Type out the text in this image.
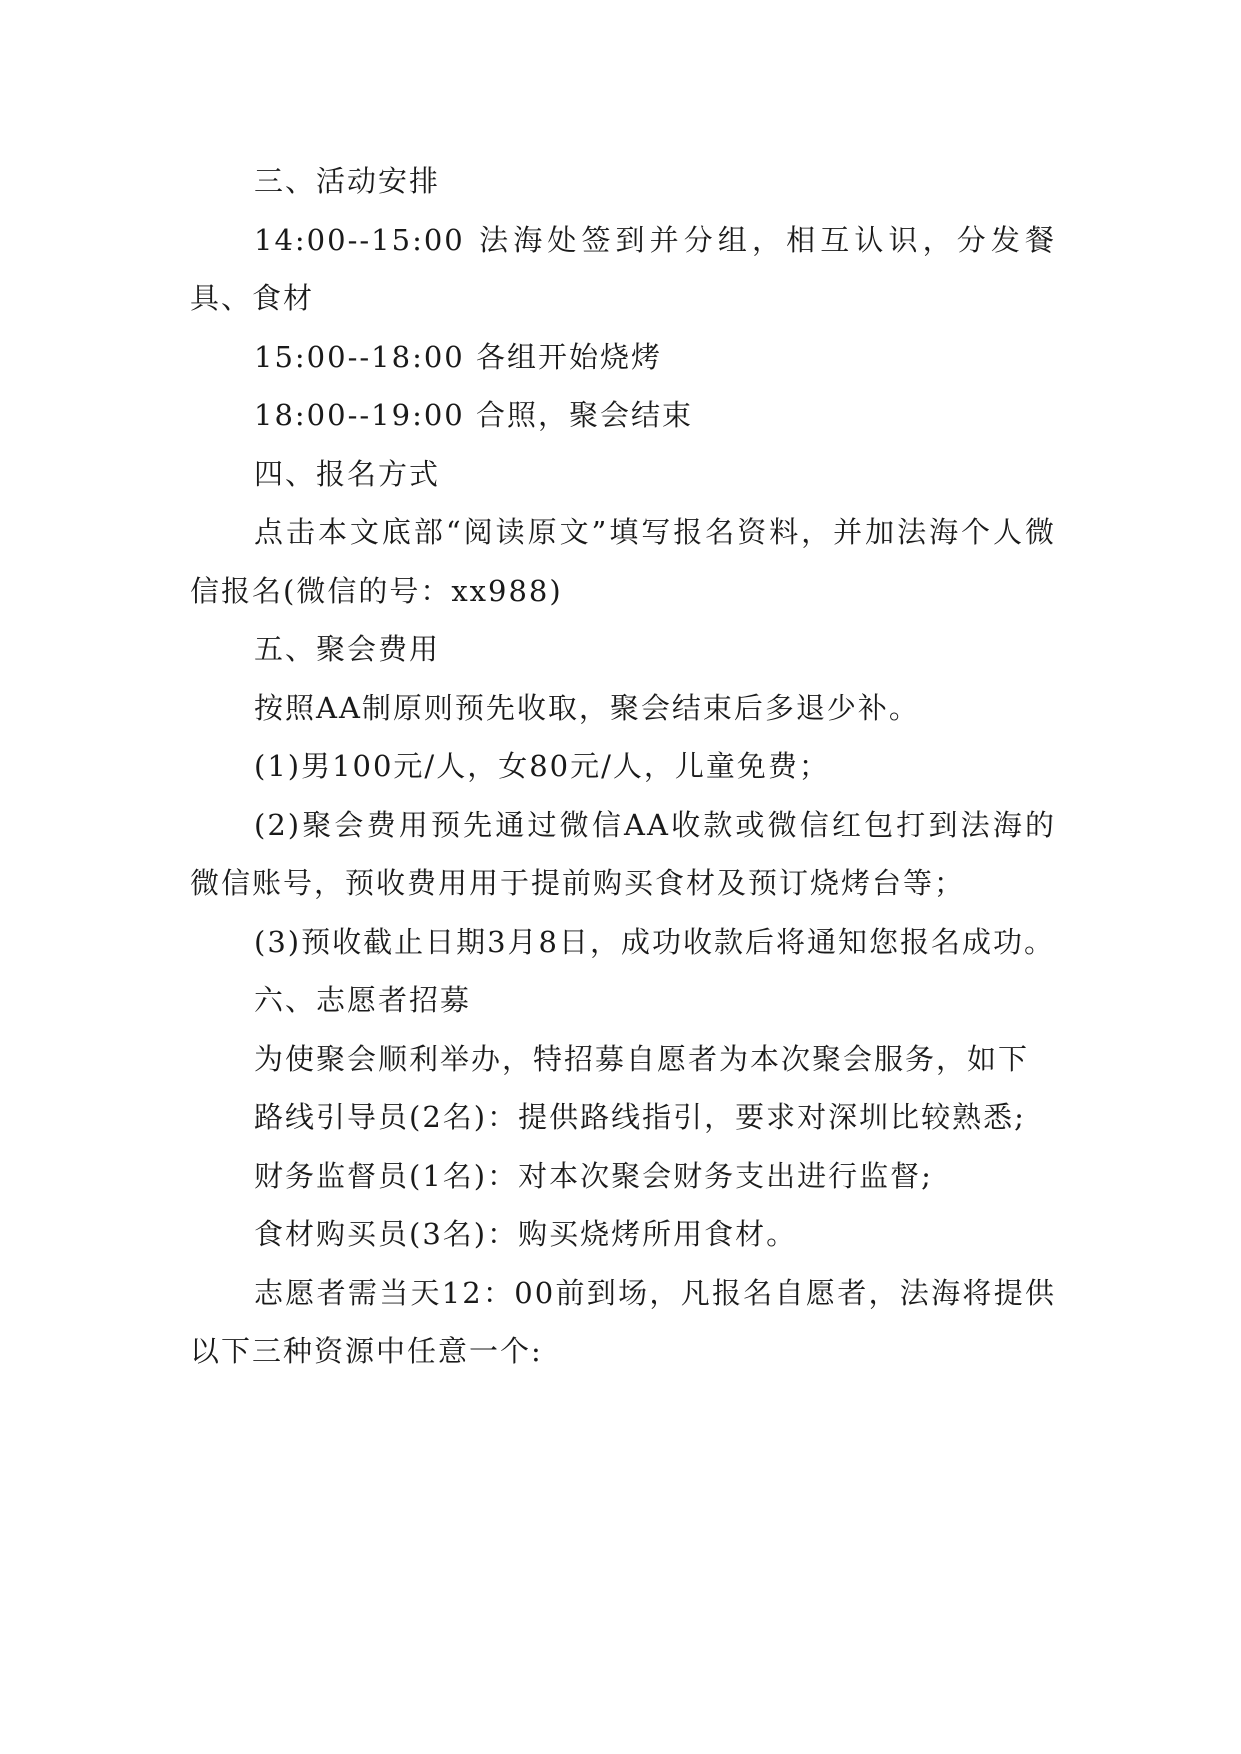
三、活动安排

14:00--15:00 法海处签到并分组，相互认识，分发餐具、食材

15:00--18:00 各组开始烧烤

18:00--19:00 合照，聚会结束

四、报名方式

点击本文底部“阅读原文”填写报名资料，并加法海个人微信报名(微信的号：xx988)

五、聚会费用

按照AA制原则预先收取，聚会结束后多退少补。

(1)男100元/人，女80元/人，儿童免费；

(2)聚会费用预先通过微信AA收款或微信红包打到法海的微信账号，预收费用用于提前购买食材及预订烧烤台等；

(3)预收截止日期3月8日，成功收款后将通知您报名成功。

六、志愿者招募

为使聚会顺利举办，特招募自愿者为本次聚会服务，如下

路线引导员(2名)：提供路线指引，要求对深圳比较熟悉;

财务监督员(1名)：对本次聚会财务支出进行监督;

食材购买员(3名)：购买烧烤所用食材。

志愿者需当天12：00前到场，凡报名自愿者，法海将提供以下三种资源中任意一个:
